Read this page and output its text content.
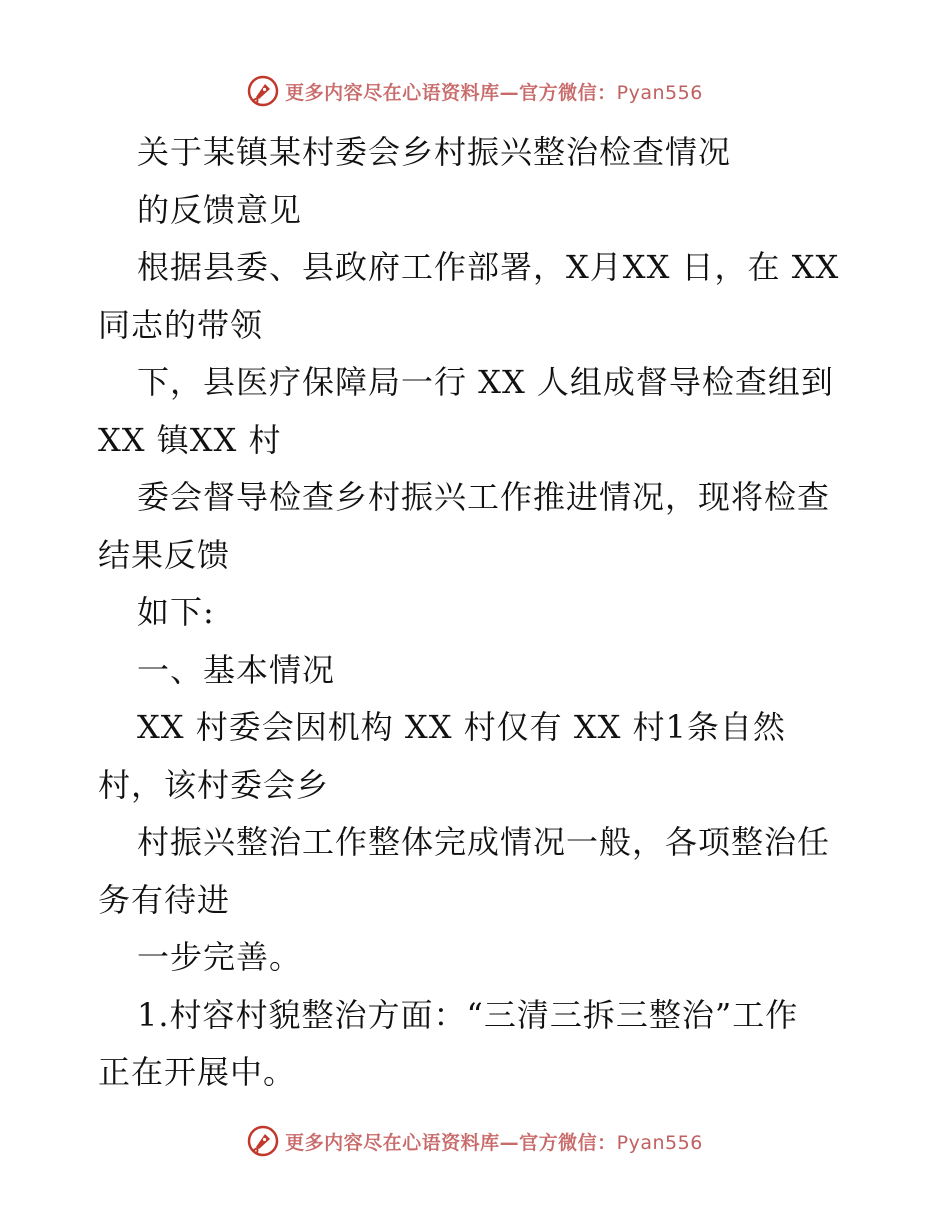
更多内容尽在心语资料库—官方微信：Pyan556
关于某镇某村委会乡村振兴整治检查情况
的反馈意见
根据县委、县政府工作部署，X月XX 日，在 XX
同志的带领
下，县医疗保障局一行 XX 人组成督导检查组到
XX 镇XX 村
委会督导检查乡村振兴工作推进情况，现将检查
结果反馈
如下:
一、基本情况
XX 村委会因机构 XX 村仅有 XX 村1条自然
村，该村委会乡
村振兴整治工作整体完成情况一般，各项整治任
务有待进
一步完善。
1.村容村貌整治方面：“三清三拆三整治”工作
正在开展中。
更多内容尽在心语资料库—官方微信：Pyan556
